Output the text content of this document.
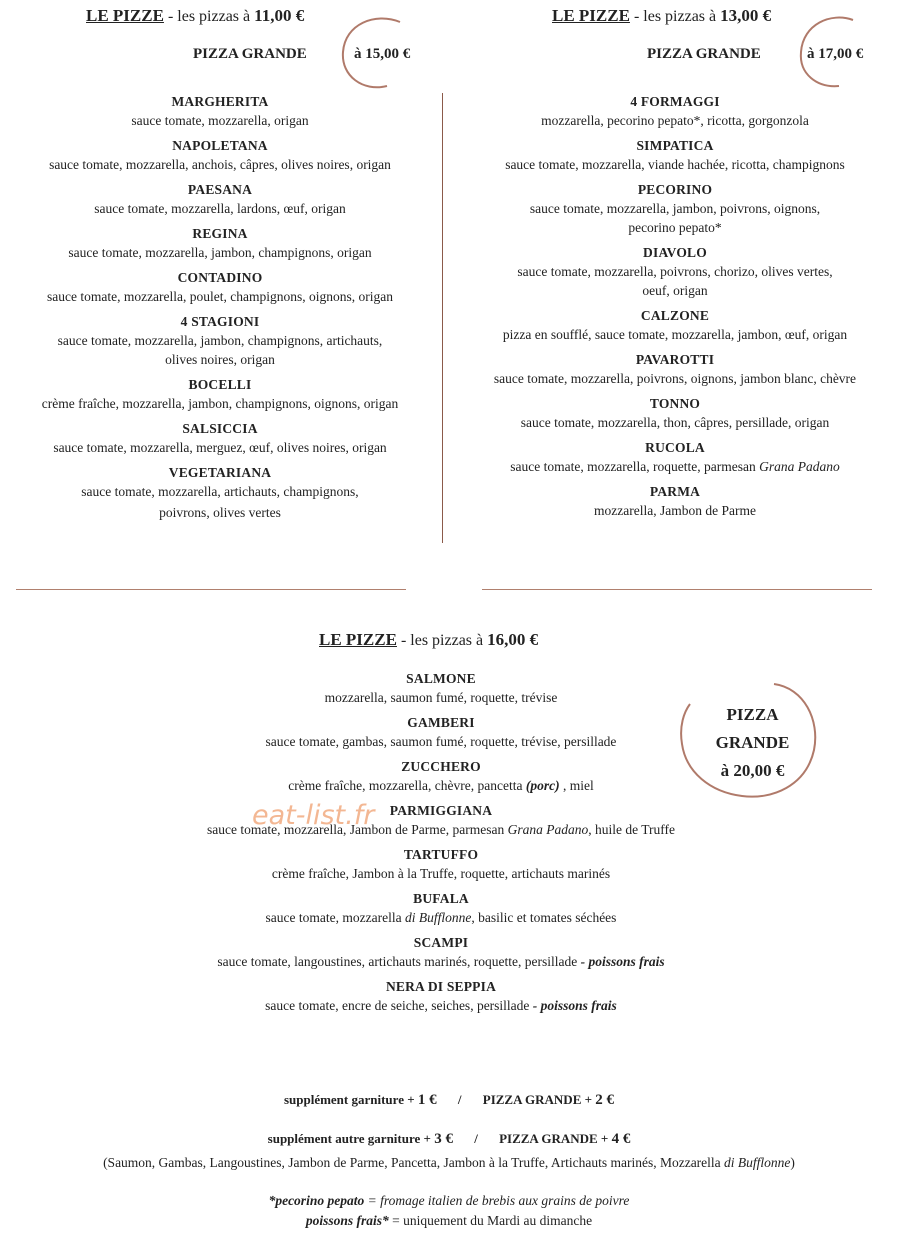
LE PIZZE - les pizzas à 11,00 €
PIZZA GRANDE	à 15,00 €
LE PIZZE - les pizzas à 13,00 €
PIZZA GRANDE	à 17,00 €
MARGHERITA
sauce tomate, mozzarella, origan
NAPOLETANA
sauce tomate, mozzarella, anchois, câpres, olives noires, origan
PAESANA
sauce tomate, mozzarella, lardons, œuf, origan
REGINA
sauce tomate, mozzarella, jambon, champignons, origan
CONTADINO
sauce tomate, mozzarella, poulet, champignons, oignons, origan
4 STAGIONI
sauce tomate, mozzarella, jambon, champignons, artichauts,
olives noires, origan
BOCELLI
crème fraîche, mozzarella, jambon, champignons, oignons, origan
SALSICCIA
sauce tomate, mozzarella, merguez, œuf, olives noires, origan
VEGETARIANA
sauce tomate, mozzarella, artichauts, champignons,
poivrons, olives vertes
4 FORMAGGI
mozzarella, pecorino pepato*, ricotta, gorgonzola
SIMPATICA
sauce tomate, mozzarella, viande hachée, ricotta, champignons
PECORINO
sauce tomate, mozzarella, jambon, poivrons, oignons,
pecorino pepato*
DIAVOLO
sauce tomate, mozzarella, poivrons, chorizo, olives vertes,
oeuf, origan
CALZONE
pizza en soufflé, sauce tomate, mozzarella, jambon, œuf, origan
PAVAROTTI
sauce tomate, mozzarella, poivrons, oignons, jambon blanc, chèvre
TONNO
sauce tomate, mozzarella, thon, câpres, persillade, origan
RUCOLA
sauce tomate, mozzarella, roquette, parmesan Grana Padano
PARMA
mozzarella, Jambon de Parme
LE PIZZE - les pizzas à 16,00 €
PIZZA
GRANDE
à 20,00 €
SALMONE
mozzarella, saumon fumé, roquette, trévise
GAMBERI
sauce tomate, gambas, saumon fumé, roquette, trévise, persillade
ZUCCHERO
crème fraîche, mozzarella, chèvre, pancetta (porc) , miel
PARMIGGIANA
sauce tomate, mozzarella, Jambon de Parme, parmesan Grana Padano, huile de Truffe
TARTUFFO
crème fraîche, Jambon à la Truffe, roquette, artichauts marinés
BUFALA
sauce tomate, mozzarella di Bufflonne, basilic et tomates séchées
SCAMPI
sauce tomate, langoustines, artichauts marinés, roquette, persillade - poissons frais
NERA DI SEPPIA
sauce tomate, encre de seiche, seiches, persillade - poissons frais
eat-list.fr
supplément garniture + 1 € / PIZZA GRANDE + 2 €
supplément autre garniture + 3 € / PIZZA GRANDE + 4 €
(Saumon, Gambas, Langoustines, Jambon de Parme, Pancetta, Jambon à la Truffe, Artichauts marinés, Mozzarella di Bufflonne)
*pecorino pepato = fromage italien de brebis aux grains de poivre
poissons frais* = uniquement du Mardi au dimanche
